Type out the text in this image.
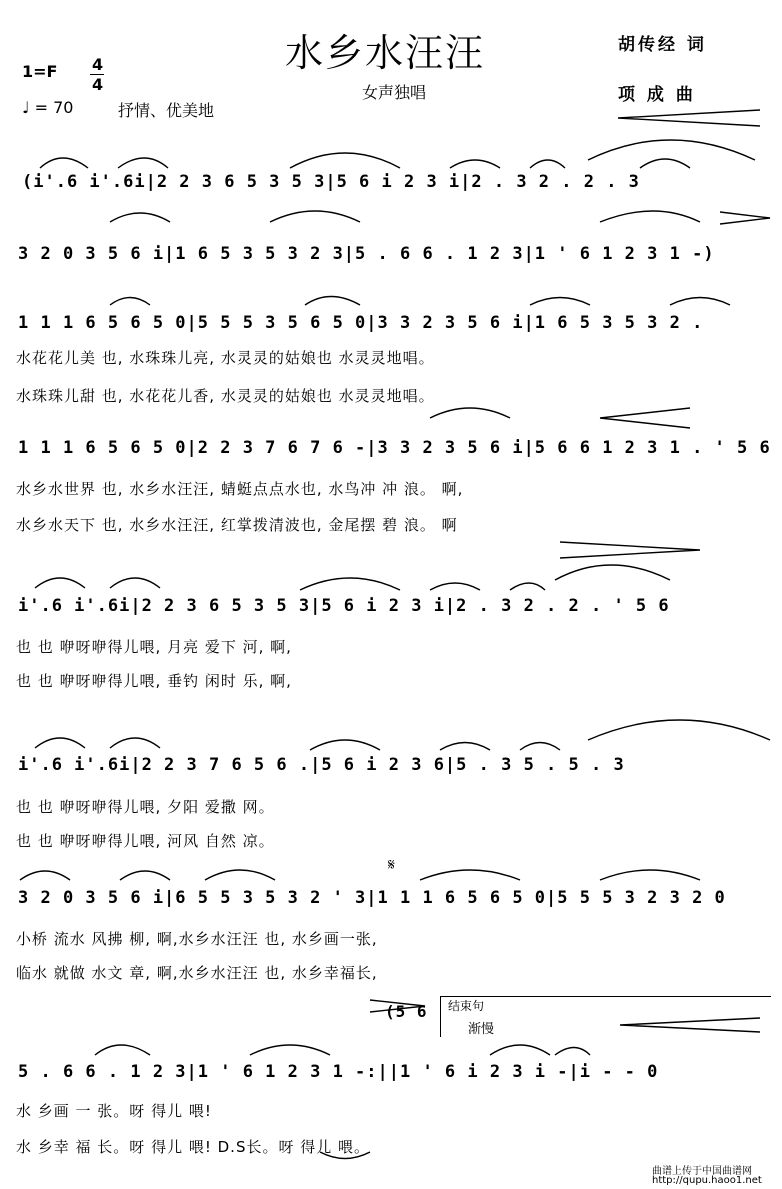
水乡水汪汪
1=F 4
4
♩ = 70	抒情、优美地
女声独唱
胡传经 词
项 成 曲
(i'.6 i'.6i|2 2 3 6 5 3 5 3|5 6 i 2 3 i|2 . 3 2 . 2 . 3
3 2 0 3 5 6 i|1 6 5 3 5 3 2 3|5 . 6 6 . 1 2 3|1 ' 6 1 2 3 1 -)
1 1 1 6 5 6 5 0|5 5 5 3 5 6 5 0|3 3 2 3 5 6 i|1 6 5 3 5 3 2 .
水花花儿美 也, 水珠珠儿亮, 水灵灵的姑娘也 水灵灵地唱。
水珠珠儿甜 也, 水花花儿香, 水灵灵的姑娘也 水灵灵地唱。
1 1 1 6 5 6 5 0|2 2 3 7 6 7 6 -|3 3 2 3 5 6 i|5 6 6 1 2 3 1 . ' 5 6
水乡水世界 也, 水乡水汪汪, 蜻蜓点点水也, 水鸟冲 冲 浪。 啊,
水乡水天下 也, 水乡水汪汪, 红掌拨清波也, 金尾摆 碧 浪。 啊
i'.6 i'.6i|2 2 3 6 5 3 5 3|5 6 i 2 3 i|2 . 3 2 . 2 . ' 5 6
也 也 咿呀咿得儿喂, 月亮 爱下 河, 啊,
也 也 咿呀咿得儿喂, 垂钓 闲时 乐, 啊,
i'.6 i'.6i|2 2 3 7 6 5 6 .|5 6 i 2 3 6|5 . 3 5 . 5 . 3
也 也 咿呀咿得儿喂, 夕阳 爱撒 网。
也 也 咿呀咿得儿喂, 河风 自然 凉。
𝄋
3 2 0 3 5 6 i|6 5 5 3 5 3 2 ' 3|1 1 1 6 5 6 5 0|5 5 5 3 2 3 2 0
小桥 流水 风拂 柳, 啊,水乡水汪汪 也, 水乡画一张,
临水 就做 水文 章, 啊,水乡水汪汪 也, 水乡幸福长,
(5 6 结束句
渐慢
5 . 6 6 . 1 2 3|1 ' 6 1 2 3 1 -:||1 ' 6 i 2 3 i -|i - - 0
水 乡画 一 张。呀 得儿 喂!
水 乡幸 福 长。呀 得儿 喂! D.S长。呀 得儿 喂。
曲谱上传于中国曲谱网
http://qupu.haoo1.net
